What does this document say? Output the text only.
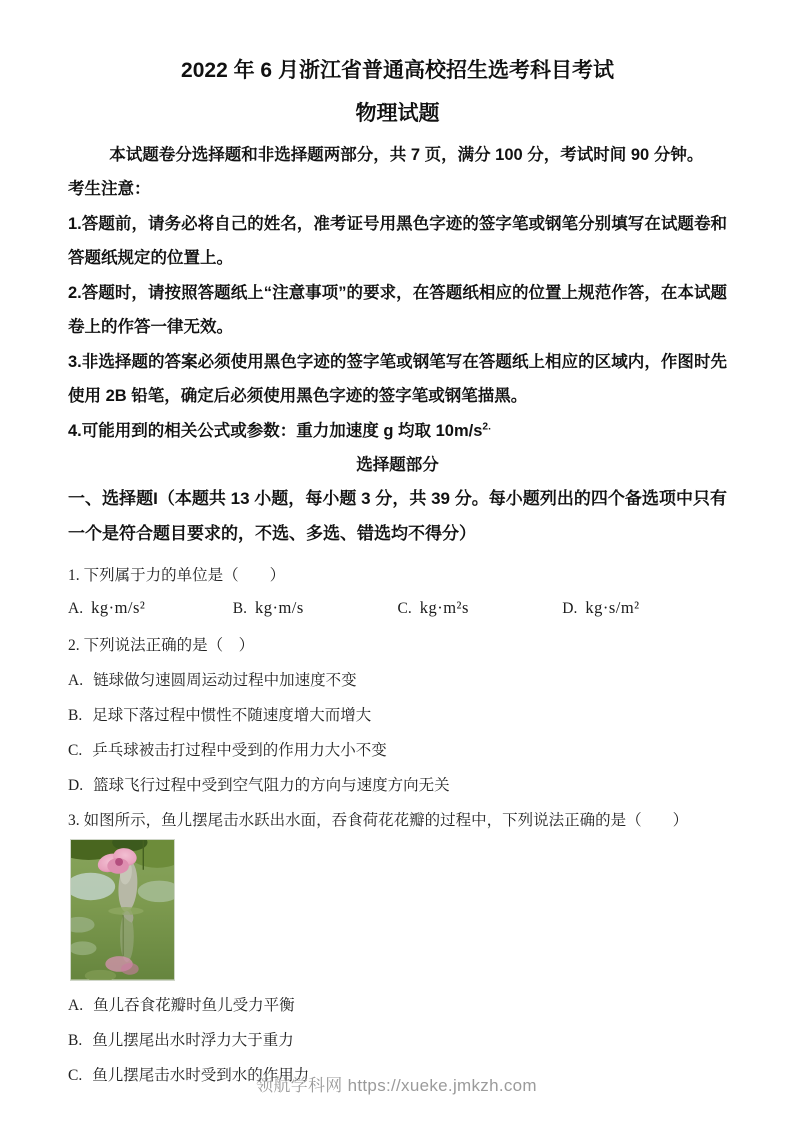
2022 年 6 月浙江省普通高校招生选考科目考试
物理试题

本试题卷分选择题和非选择题两部分，共 7 页，满分 100 分，考试时间 90 分钟。

考生注意：

1.答题前，请务必将自己的姓名，准考证号用黑色字迹的签字笔或钢笔分别填写在试题卷和答题纸规定的位置上。

2.答题时，请按照答题纸上“注意事项”的要求，在答题纸相应的位置上规范作答，在本试题卷上的作答一律无效。

3.非选择题的答案必须使用黑色字迹的签字笔或钢笔写在答题纸上相应的区域内，作图时先使用 2B 铅笔，确定后必须使用黑色字迹的签字笔或钢笔描黑。

4.可能用到的相关公式或参数：重力加速度 g 均取 $10m/s^{2.}$

选择题部分

一、选择题I（本题共 13 小题，每小题 3 分，共 39 分。每小题列出的四个备选项中只有一个是符合题目要求的，不选、多选、错选均不得分）

1. 下列属于力的单位是（　　）

A. kg·m/s²	B. kg·m/s	C. kg·m²s	D. kg·s/m²

2. 下列说法正确的是（　）

A. 链球做匀速圆周运动过程中加速度不变

B. 足球下落过程中惯性不随速度增大而增大

C. 乒乓球被击打过程中受到的作用力大小不变

D. 篮球飞行过程中受到空气阻力的方向与速度方向无关

3. 如图所示，鱼儿摆尾击水跃出水面，吞食荷花花瓣的过程中，下列说法正确的是（　　）

A. 鱼儿吞食花瓣时鱼儿受力平衡

B. 鱼儿摆尾出水时浮力大于重力

C. 鱼儿摆尾击水时受到水的作用力

领航学科网 https://xueke.jmkzh.com
